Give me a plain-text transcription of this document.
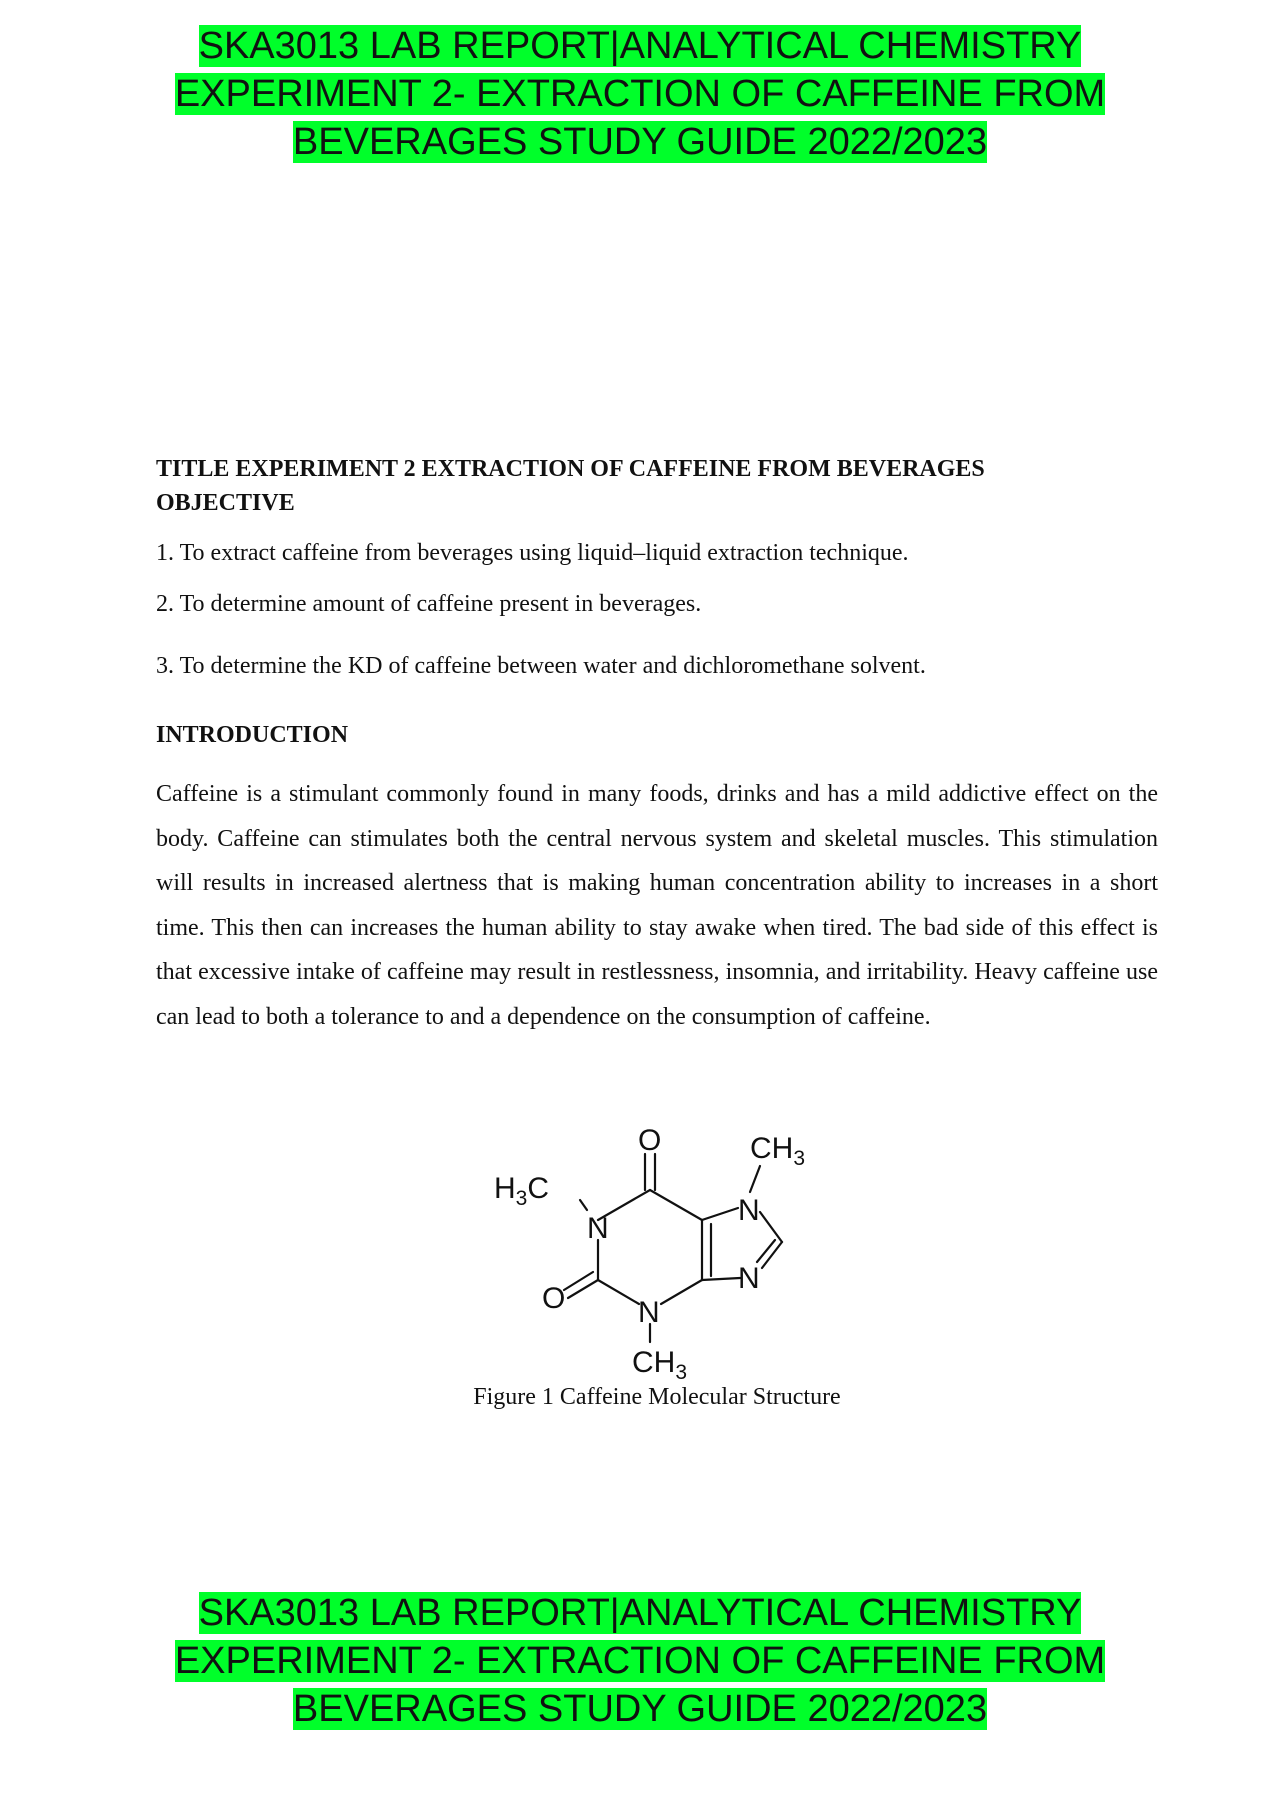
SKA3013 LAB REPORT|ANALYTICAL CHEMISTRY
EXPERIMENT 2- EXTRACTION OF CAFFEINE FROM
BEVERAGES STUDY GUIDE 2022/2023

TITLE EXPERIMENT 2 EXTRACTION OF CAFFEINE FROM BEVERAGES

OBJECTIVE

1. To extract caffeine from beverages using liquid–liquid extraction technique.

2. To determine amount of caffeine present in beverages.

3. To determine the KD of caffeine between water and dichloromethane solvent.

INTRODUCTION

Caffeine is a stimulant commonly found in many foods, drinks and has a mild addictive effect on the body. Caffeine can stimulates both the central nervous system and skeletal muscles. This stimulation will results in increased alertness that is making human concentration ability to increases in a short time. This then can increases the human ability to stay awake when tired. The bad side of this effect is that excessive intake of caffeine may result in restlessness, insomnia, and irritability. Heavy caffeine use can lead to both a tolerance to and a dependence on the consumption of caffeine.

O
O
N
N
N
N
$CH_3$
$H_3C$
$CH_3$
Figure 1 Caffeine Molecular Structure
SKA3013 LAB REPORT|ANALYTICAL CHEMISTRY
EXPERIMENT 2- EXTRACTION OF CAFFEINE FROM
BEVERAGES STUDY GUIDE 2022/2023
